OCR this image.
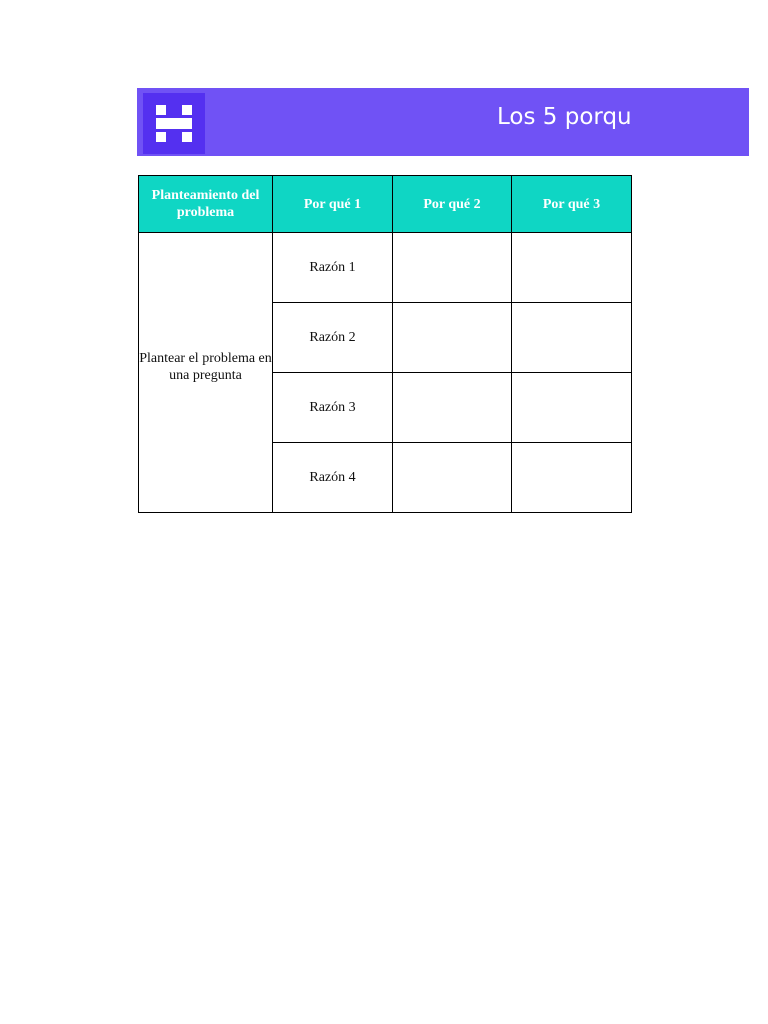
Los 5 porqu
Planteamiento del problema	Por qué 1	Por qué 2	Por qué 3
Plantear el problema en una pregunta	Razón 1		
	Razón 2		
	Razón 3		
	Razón 4		
